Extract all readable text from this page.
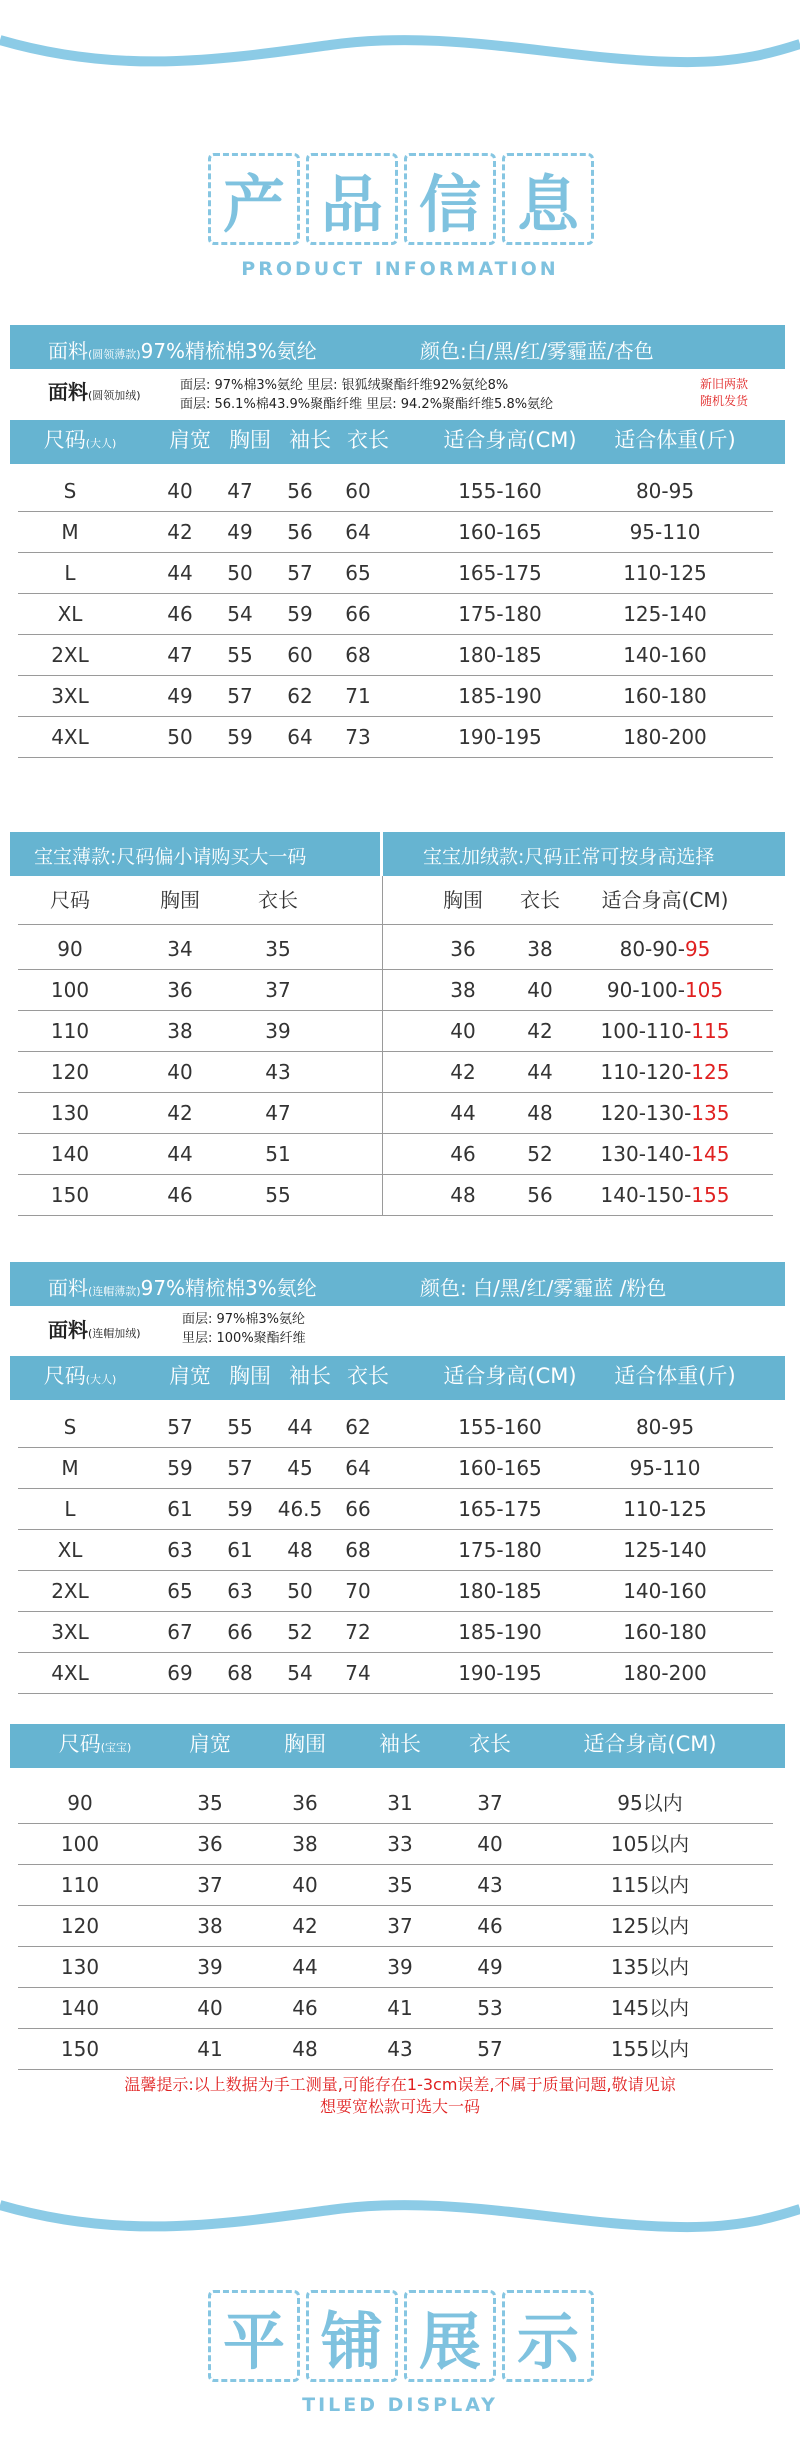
产 品 信 息
PRODUCT INFORMATION
面料(圆领薄款)97%精梳棉3%氨纶	颜色:白/黑/红/雾霾蓝/杏色
面料(圆领加绒)
面层: 97%棉3%氨纶 里层: 银狐绒聚酯纤维92%氨纶8%
面层: 56.1%棉43.9%聚酯纤维 里层: 94.2%聚酯纤维5.8%氨纶
新旧两款
随机发货
尺码(大人)	肩宽 胸围 袖长 衣长	适合身高(CM)	适合体重(斤)
S	40	47	56	60	155-160	80-95
M	42	49	56	64	160-165	95-110
L	44	50	57	65	165-175	110-125
XL	46	54	59	66	175-180	125-140
2XL	47	55	60	68	180-185	140-160
3XL	49	57	62	71	185-190	160-180
4XL	50	59	64	73	190-195	180-200
宝宝薄款:尺码偏小请购买大一码	宝宝加绒款:尺码正常可按身高选择
尺码	胸围	衣长	胸围	衣长	适合身高(CM)
90	34	35	36	38	80-90-95
100	36	37	38	40	90-100-105
110	38	39	40	42	100-110-115
120	40	43	42	44	110-120-125
130	42	47	44	48	120-130-135
140	44	51	46	52	130-140-145
150	46	55	48	56	140-150-155
面料(连帽薄款)97%精梳棉3%氨纶	颜色: 白/黑/红/雾霾蓝 /粉色
面料(连帽加绒)
面层: 97%棉3%氨纶
里层: 100%聚酯纤维
尺码(大人)	肩宽 胸围 袖长 衣长	适合身高(CM)	适合体重(斤)
S	57	55	44	62	155-160	80-95
M	59	57	45	64	160-165	95-110
L	61	59	46.5	66	165-175	110-125
XL	63	61	48	68	175-180	125-140
2XL	65	63	50	70	180-185	140-160
3XL	67	66	52	72	185-190	160-180
4XL	69	68	54	74	190-195	180-200
尺码(宝宝)	肩宽	胸围	袖长	衣长	适合身高(CM)
90	35	36	31	37	95以内
100	36	38	33	40	105以内
110	37	40	35	43	115以内
120	38	42	37	46	125以内
130	39	44	39	49	135以内
140	40	46	41	53	145以内
150	41	48	43	57	155以内
温馨提示:以上数据为手工测量,可能存在1-3cm误差,不属于质量问题,敬请见谅
想要宽松款可选大一码
平 铺 展 示
TILED DISPLAY
